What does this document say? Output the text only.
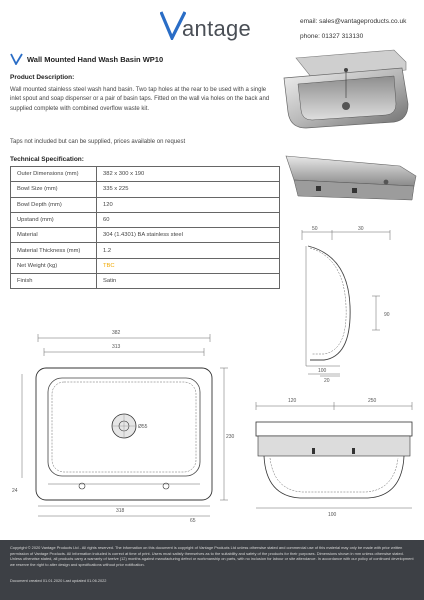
antage	email: sales@vantageproducts.co.uk
phone: 01327 313130
Wall Mounted Hand Wash Basin WP10
Product Description:
Wall mounted stainless steel wash hand basin. Two tap holes at the rear to be used with a single inlet spout and soap dispenser or a pair of basin taps. Fitted on the wall via holes on the back and supplied complete with combined overflow waste kit.
Taps not included but can be supplied, prices available on request
Technical Specification:
Outer Dimensions (mm)	382 x 300 x 190
Bowl Size (mm)	335 x 225
Bowl Depth (mm)	120
Upstand (mm)	60
Material	304 (1.4301) BA stainless steel
Material Thickness (mm)	1.2
Net Weight (kg)	TBC
Finish	Satin
50	30
90
100
20
382
313
Ø55
230
318
24
65
120	250
100
Copyright © 2020 Vantage Products Ltd - All rights reserved. The information on this document is copyright of Vantage Products Ltd unless otherwise stated and commercial use of this material may only be made with prior written permission of Vantage Products. All information included is correct at time of print. Users must satisfy themselves as to the suitability and safety of the products for their purposes. Dimensions shown in mm unless otherwise stated. Unless otherwise stated, all products carry a warranty of twelve (12) months against manufacturing defect or workmanship on parts, with no inclusion for labour or site attendance. In accordance with our policy of continued development we reserve the right to alter design and specifications without prior notification.
Document created 01.01.2020 Last updated 01.06.2022
